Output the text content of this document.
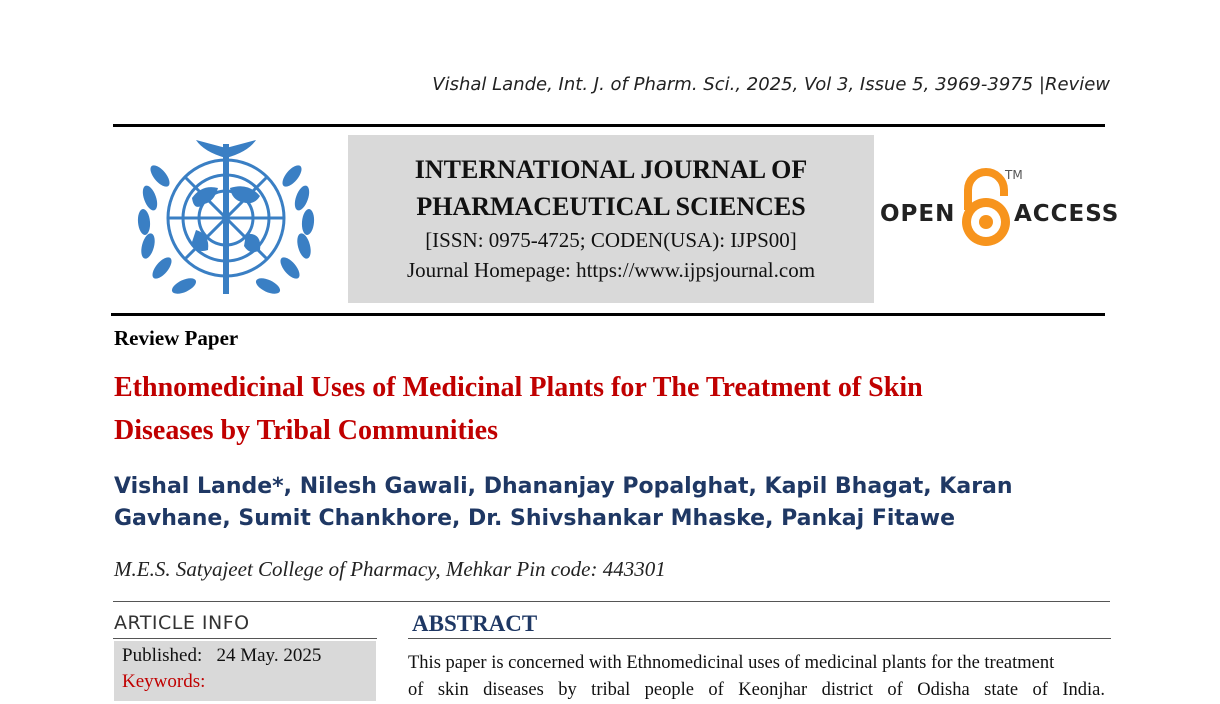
Vishal Lande, Int. J. of Pharm. Sci., 2025, Vol 3, Issue 5, 3969-3975 |Review
INTERNATIONAL JOURNAL OF
PHARMACEUTICAL SCIENCES
[ISSN: 0975-4725; CODEN(USA): IJPS00]
Journal Homepage: https://www.ijpsjournal.com
OPEN
TM
ACCESS
Review Paper
Ethnomedicinal Uses of Medicinal Plants for The Treatment of Skin
Diseases by Tribal Communities
Vishal Lande*, Nilesh Gawali, Dhananjay Popalghat, Kapil Bhagat, Karan
Gavhane, Sumit Chankhore, Dr. Shivshankar Mhaske, Pankaj Fitawe
M.E.S. Satyajeet College of Pharmacy, Mehkar Pin code: 443301
ARTICLE INFO	ABSTRACT
Published:   24 May. 2025
Keywords:
This paper is concerned with Ethnomedicinal uses of medicinal plants for the treatment
of skin diseases by tribal people of Keonjhar district of Odisha state of India.
